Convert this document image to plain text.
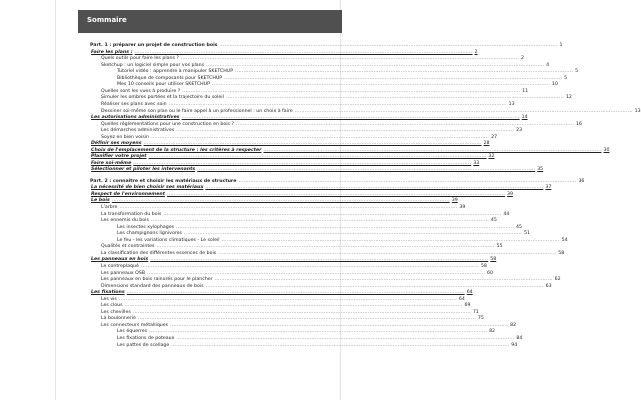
Sommaire
Part. 1 : préparer un projet de construction bois ........................................................................................................................................................................................................ 1
Faire les plans : ........................................................................................................................................................................................................ 2
Quels outils pour faire les plans ? ........................................................................................................................................................................................................ 2
Sketchup : un logiciel simple pour vos plans ........................................................................................................................................................................................................ 4
Tutoriel vidéo : apprendre à manipuler SKETCHUP ........................................................................................................................................................................................................ 5
Bibliothèque de composants pour SKETCHUP ........................................................................................................................................................................................................ 5
Mes 10 conseils pour utiliser SKETCHUP ........................................................................................................................................................................................................ 10
Quelles sont les vues à produire ? ........................................................................................................................................................................................................ 11
Simuler les ombres portées et la trajectoire du soleil ........................................................................................................................................................................................................ 12
Réaliser ses plans avec soin ........................................................................................................................................................................................................ 13
Dessiner soi-même son plan ou le faire appel à un professionnel : un choix à faire ........................................................................................................................................................................................................ 13
Les autorisations administratives ........................................................................................................................................................................................................ 14
Quelles réglementations pour une construction en bois ? ........................................................................................................................................................................................................ 16
Les démarches administratives ........................................................................................................................................................................................................ 23
Soyez en bien voisin ........................................................................................................................................................................................................ 27
Définir ses moyens ........................................................................................................................................................................................................ 28
Choix de l'emplacement de la structure : les critères à respecter ........................................................................................................................................................................................................ 30
Planifier votre projet ........................................................................................................................................................................................................ 32
Faire soi-même ........................................................................................................................................................................................................ 33
Sélectionner et piloter les intervenants ........................................................................................................................................................................................................ 35
Part. 2 : connaître et choisir les matériaux de structure ........................................................................................................................................................................................................ 36
La nécessité de bien choisir ses matériaux ........................................................................................................................................................................................................ 37
Respect de l'environnement ........................................................................................................................................................................................................ 39
Le bois ........................................................................................................................................................................................................ 39
L'arbre ........................................................................................................................................................................................................ 39
La transformation du bois ........................................................................................................................................................................................................ 44
Les ennemis du bois ........................................................................................................................................................................................................ 45
Les insectes xylophages ........................................................................................................................................................................................................ 45
Les champignons lignivores ........................................................................................................................................................................................................ 51
Le feu - les variations climatiques - Le soleil ........................................................................................................................................................................................................ 54
Qualités et contraintes ........................................................................................................................................................................................................ 55
La classification des différentes essences de bois ........................................................................................................................................................................................................ 58
Les panneaux en bois ........................................................................................................................................................................................................ 58
Le contreplaqué ........................................................................................................................................................................................................ 58
Les panneaux OSB ........................................................................................................................................................................................................ 60
Les panneaux en bois rainurés pour le plancher ........................................................................................................................................................................................................ 62
Dimensions standard des panneaux de bois ........................................................................................................................................................................................................ 63
Les fixations ........................................................................................................................................................................................................ 64
Les vis ........................................................................................................................................................................................................ 64
Les clous ........................................................................................................................................................................................................ 69
Les chevilles ........................................................................................................................................................................................................ 71
La boulonnerie ........................................................................................................................................................................................................ 75
Les connecteurs métalliques ........................................................................................................................................................................................................ 82
Les équerres ........................................................................................................................................................................................................ 82
Les fixations de poteaux ........................................................................................................................................................................................................ 84
Les pattes de scellage ........................................................................................................................................................................................................ 94
